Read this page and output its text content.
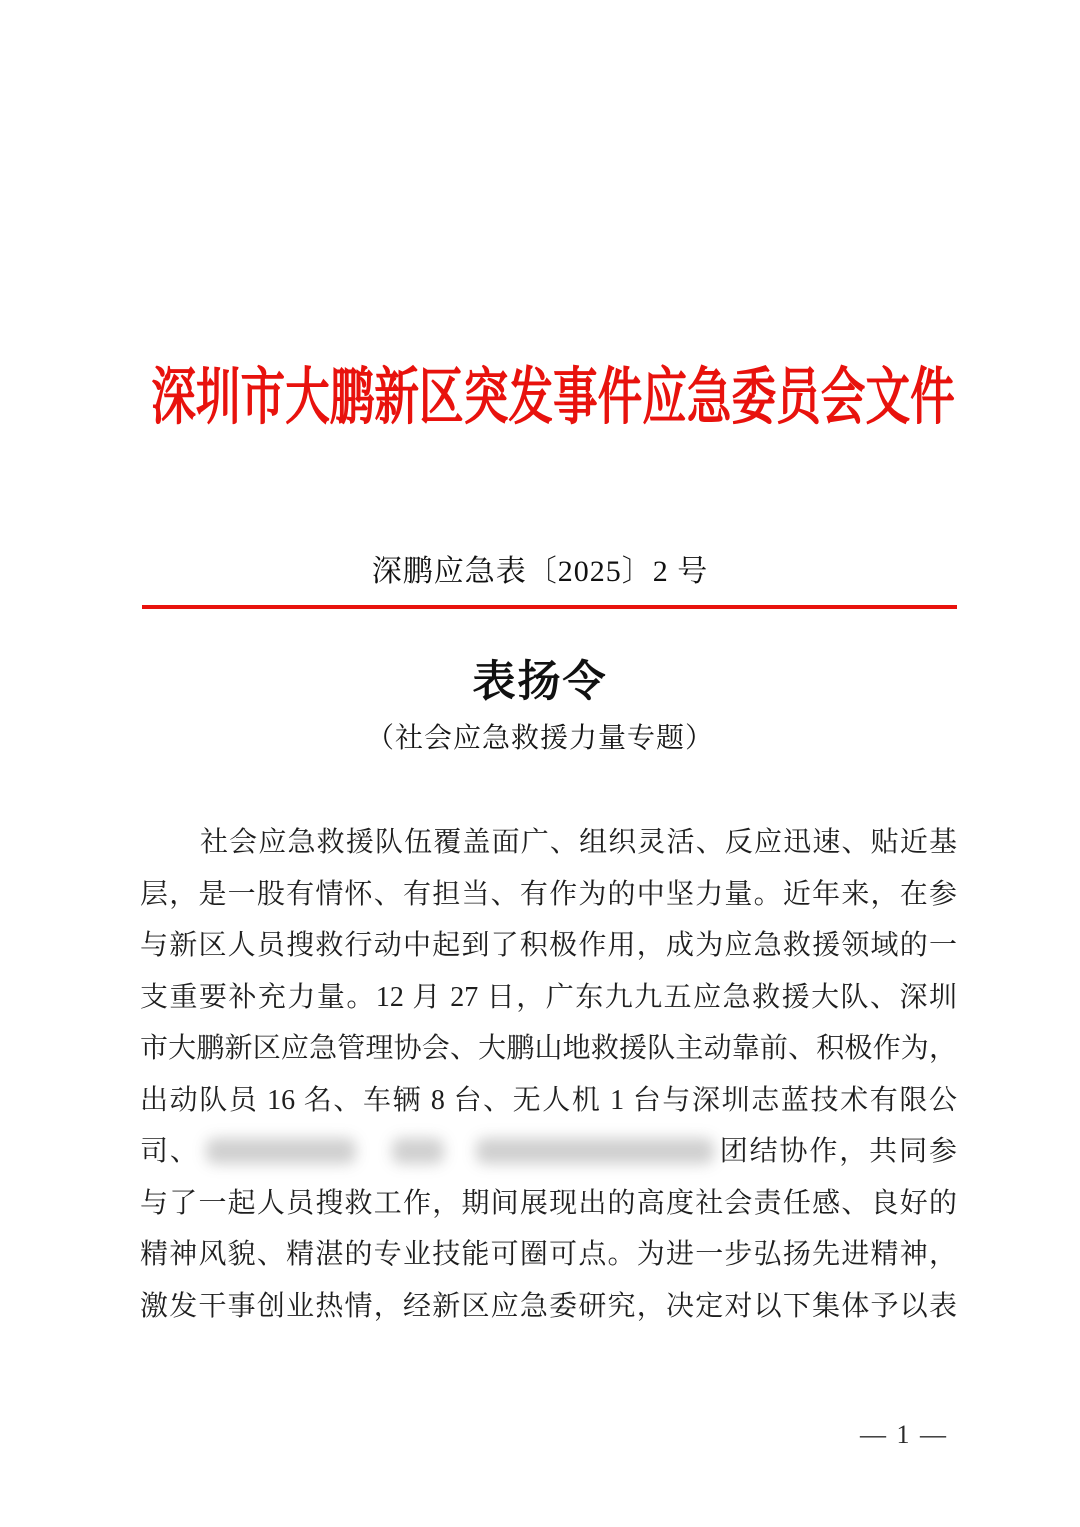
深圳市大鹏新区突发事件应急委员会文件
深鹏应急表〔2025〕2 号
表扬令
（社会应急救援力量专题）
社会应急救援队伍覆盖面广、组织灵活、反应迅速、贴近基
层，是一股有情怀、有担当、有作为的中坚力量。近年来，在参
与新区人员搜救行动中起到了积极作用，成为应急救援领域的一
支重要补充力量。12 月 27 日，广东九九五应急救援大队、深圳
市大鹏新区应急管理协会、大鹏山地救援队主动靠前、积极作为，
出动队员 16 名、车辆 8 台、无人机 1 台与深圳志蓝技术有限公
司、	团结协作，共同参
与了一起人员搜救工作，期间展现出的高度社会责任感、良好的
精神风貌、精湛的专业技能可圈可点。为进一步弘扬先进精神，
激发干事创业热情，经新区应急委研究，决定对以下集体予以表
— 1 —
